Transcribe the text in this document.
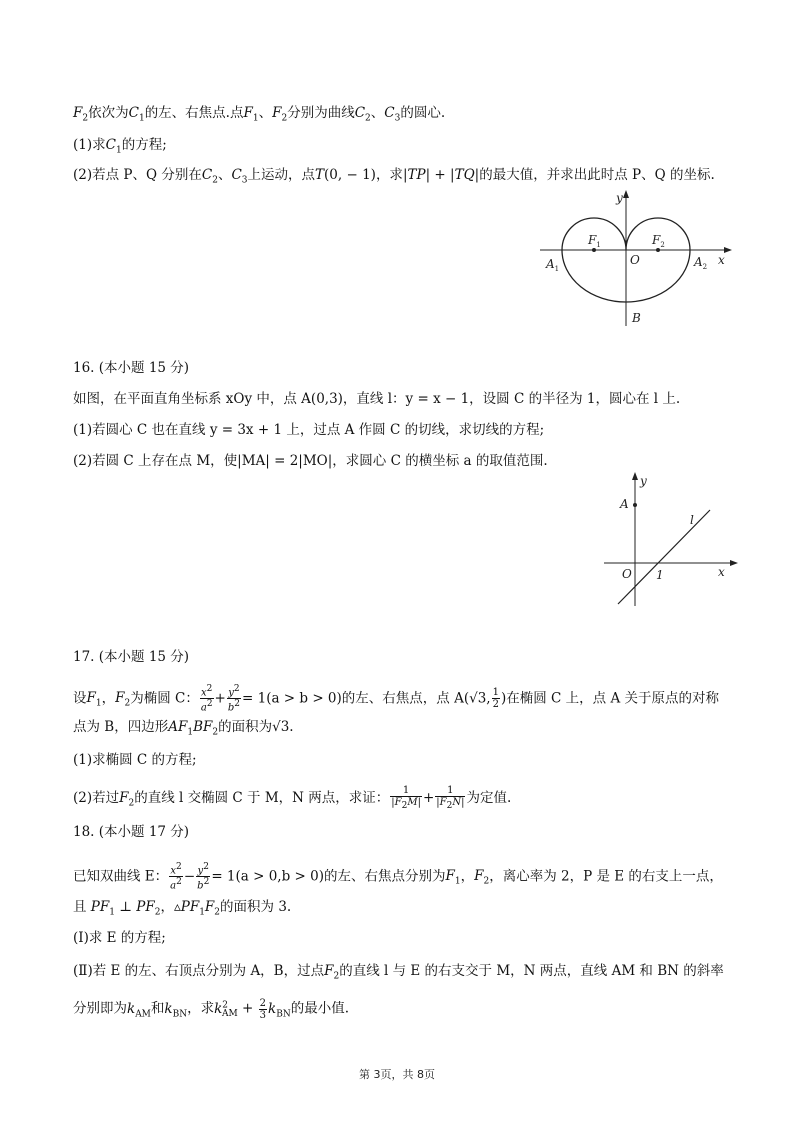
$F_2$依次为$C_1$的左、右焦点.点$F_1$、$F_2$分别为曲线$C_2$、$C_3$的圆心.
(1)求$C_1$的方程;
(2)若点 P、Q 分别在$C_2$、$C_3$上运动，点T(0, − 1)，求|TP| + |TQ|的最大值，并求出此时点 P、Q 的坐标.
y
x
$F_1$	$F_2$
O
$A_1$	$A_2$
B
16. (本小题 15 分)
如图，在平面直角坐标系 xOy 中，点 A(0,3)，直线 l：y = x − 1，设圆 C 的半径为 1，圆心在 l 上.
(1)若圆心 C 也在直线 y = 3x + 1 上，过点 A 作圆 C 的切线，求切线的方程;
(2)若圆 C 上存在点 M，使|MA| = 2|MO|，求圆心 C 的横坐标 a 的取值范围.
y
x
A
l
O 1
17. (本小题 15 分)
设$F_1$，$F_2$为椭圆 C： $\frac{x^2}{a^2} + \frac{y^2}{b^2} = 1(a > b > 0)$的左、右焦点，点 A(√3, $\frac{1}{2}$ )在椭圆 C 上，点 A 关于原点的对称
点为 B，四边形$AF_1BF_2$的面积为√3.
(1)求椭圆 C 的方程;
(2)若过$F_2$的直线 l 交椭圆 C 于 M，N 两点，求证： $\frac{1}{|F_2M|} + \frac{1}{|F_2N|}$ 为定值.
18. (本小题 17 分)
已知双曲线 E： $\frac{x^2}{a^2} - \frac{y^2}{b^2} = 1(a > 0,b > 0)$的左、右焦点分别为$F_1$，$F_2$，离心率为 2，P 是 E 的右支上一点，
且 $PF_1$ ⊥ $PF_2$，$▵PF_1F_2$的面积为 3.
(Ⅰ)求 E 的方程;
(Ⅱ)若 E 的左、右顶点分别为 A，B，过点$F_2$的直线 l 与 E 的右支交于 M，N 两点，直线 AM 和 BN 的斜率
分别即为$k_{AM}$和$k_{BN}$，求$k^2_{AM} + \frac{2}{3} k_{BN}$的最小值.
第 3页，共 8页
